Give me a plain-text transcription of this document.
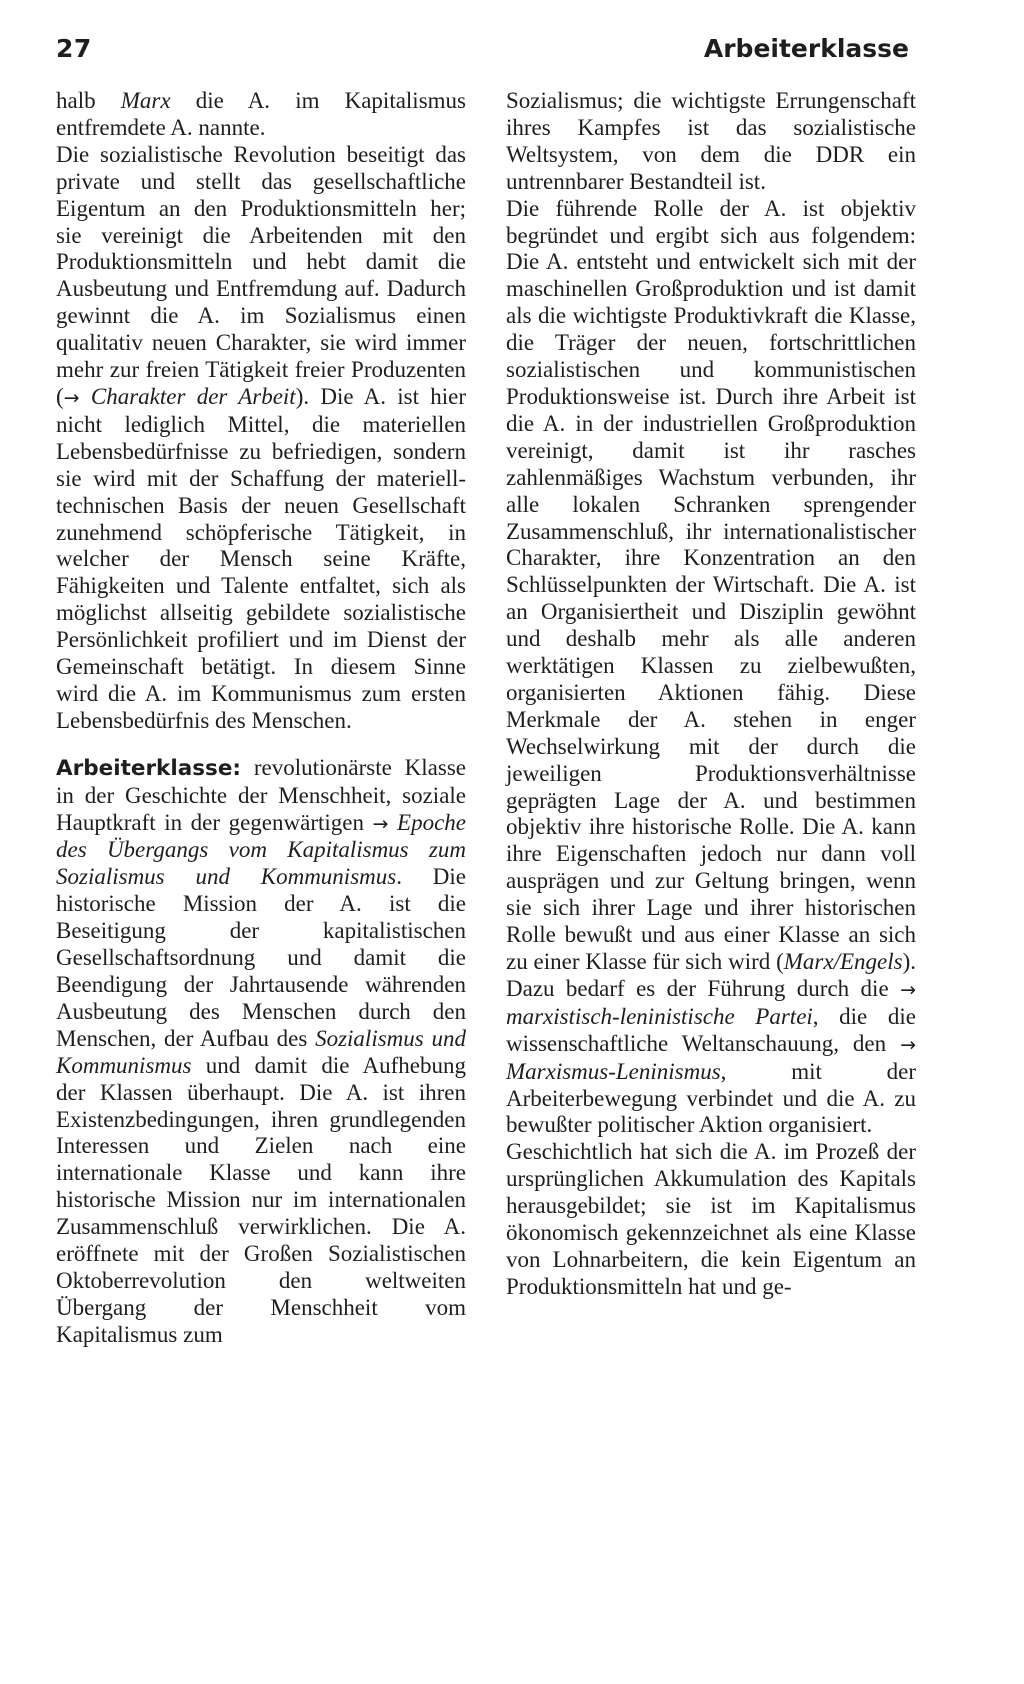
27	Arbeiterklasse

halb Marx die A. im Kapitalismus entfremdete A. nannte.

Die sozialistische Revolution beseitigt das private und stellt das gesellschaftliche Eigentum an den Produktionsmitteln her; sie vereinigt die Arbeitenden mit den Produktionsmitteln und hebt damit die Ausbeutung und Entfremdung auf. Dadurch gewinnt die A. im Sozialismus einen qualitativ neuen Charakter, sie wird immer mehr zur freien Tätigkeit freier Produzenten (→ Charakter der Arbeit). Die A. ist hier nicht lediglich Mittel, die materiellen Lebensbedürfnisse zu befriedigen, sondern sie wird mit der Schaffung der materiell-technischen Basis der neuen Gesellschaft zunehmend schöpferische Tätigkeit, in welcher der Mensch seine Kräfte, Fähigkeiten und Talente entfaltet, sich als möglichst allseitig gebildete sozialistische Persönlichkeit profiliert und im Dienst der Gemeinschaft betätigt. In diesem Sinne wird die A. im Kommunismus zum ersten Lebensbedürfnis des Menschen.

Arbeiterklasse: revolutionärste Klasse in der Geschichte der Menschheit, soziale Hauptkraft in der gegenwärtigen → Epoche des Übergangs vom Kapitalismus zum Sozialismus und Kommunismus. Die historische Mission der A. ist die Beseitigung der kapitalistischen Gesellschaftsordnung und damit die Beendigung der Jahrtausende währenden Ausbeutung des Menschen durch den Menschen, der Aufbau des Sozialismus und Kommunismus und damit die Aufhebung der Klassen überhaupt. Die A. ist ihren Existenzbedingungen, ihren grundlegenden Interessen und Zielen nach eine internationale Klasse und kann ihre historische Mission nur im internationalen Zusammenschluß verwirklichen. Die A. eröffnete mit der Großen Sozialistischen Oktoberrevolution den weltweiten Übergang der Menschheit vom Kapitalismus zum

Sozialismus; die wichtigste Errungenschaft ihres Kampfes ist das sozialistische Weltsystem, von dem die DDR ein untrennbarer Bestandteil ist.

Die führende Rolle der A. ist objektiv begründet und ergibt sich aus folgendem: Die A. entsteht und entwickelt sich mit der maschinellen Großproduktion und ist damit als die wichtigste Produktivkraft die Klasse, die Träger der neuen, fortschrittlichen sozialistischen und kommunistischen Produktionsweise ist. Durch ihre Arbeit ist die A. in der industriellen Großproduktion vereinigt, damit ist ihr rasches zahlenmäßiges Wachstum verbunden, ihr alle lokalen Schranken sprengender Zusammenschluß, ihr internationalistischer Charakter, ihre Konzentration an den Schlüsselpunkten der Wirtschaft. Die A. ist an Organisiertheit und Disziplin gewöhnt und deshalb mehr als alle anderen werktätigen Klassen zu zielbewußten, organisierten Aktionen fähig. Diese Merkmale der A. stehen in enger Wechselwirkung mit der durch die jeweiligen Produktionsverhältnisse geprägten Lage der A. und bestimmen objektiv ihre historische Rolle. Die A. kann ihre Eigenschaften jedoch nur dann voll ausprägen und zur Geltung bringen, wenn sie sich ihrer Lage und ihrer historischen Rolle bewußt und aus einer Klasse an sich zu einer Klasse für sich wird (Marx/Engels). Dazu bedarf es der Führung durch die → marxistisch-leninistische Partei, die die wissenschaftliche Weltanschauung, den → Marxismus-Leninismus, mit der Arbeiterbewegung verbindet und die A. zu bewußter politischer Aktion organisiert.

Geschichtlich hat sich die A. im Prozeß der ursprünglichen Akkumulation des Kapitals herausgebildet; sie ist im Kapitalismus ökonomisch gekennzeichnet als eine Klasse von Lohnarbeitern, die kein Eigentum an Produktionsmitteln hat und ge-
